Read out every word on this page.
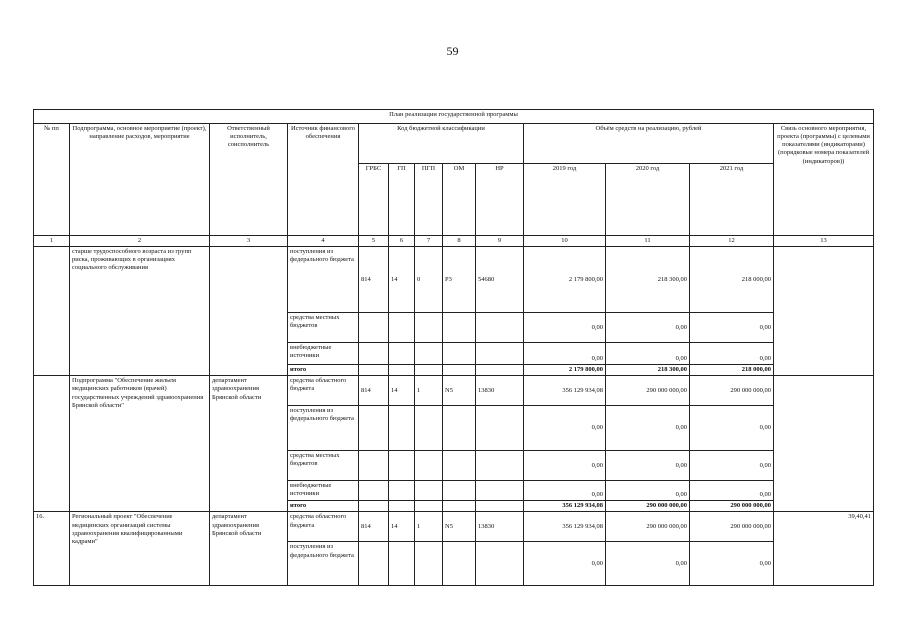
59
План реализации государственной программы												
№ пп	Подпрограмма, основное мероприятие (проект), направление расходов, мероприятие	Ответственный исполнитель, соисполнитель	Источник финансового обеспечения	Код бюджетной классификации					Объём средств на реализацию, рублей			Связь основного мероприятия, проекта (программы) с целевыми показателями (индикаторами) (порядковые номера показателей (индикаторов))
				ГРБС	ГП	ПГП	ОМ	НР	2019 год	2020 год	2021 год	
1	2	3	4	5	6	7	8	9	10	11	12	13
	старше трудоспособного возраста из групп риска, проживающих в организациях социального обслуживания		поступления из федерального бюджета	814	14	0	P3	54680	2 179 800,00	218 300,00	218 000,00	
			средства местных бюджетов						0,00	0,00	0,00	
			внебюджетные источники						0,00	0,00	0,00	
			итого						2 179 800,00	218 300,00	218 000,00	
	Подпрограмма "Обеспечение жильем медицинских работников (врачей) государственных учреждений здравоохранения Брянской области"	департамент здравоохранения Брянской области	средства областного бюджета	814	14	1	N5	13830	356 129 934,08	290 000 000,00	290 000 000,00	
			поступления из федерального бюджета						0,00	0,00	0,00	
			средства местных бюджетов						0,00	0,00	0,00	
			внебюджетные источники						0,00	0,00	0,00	
			итого						356 129 934,08	290 000 000,00	290 000 000,00	
16.	Региональный проект "Обеспечение медицинских организаций системы здравоохранения квалифицированными кадрами"	департамент здравоохранения Брянской области	средства областного бюджета	814	14	1	N5	13830	356 129 934,08	290 000 000,00	290 000 000,00	39,40,41
			поступления из федерального бюджета						0,00	0,00	0,00	
